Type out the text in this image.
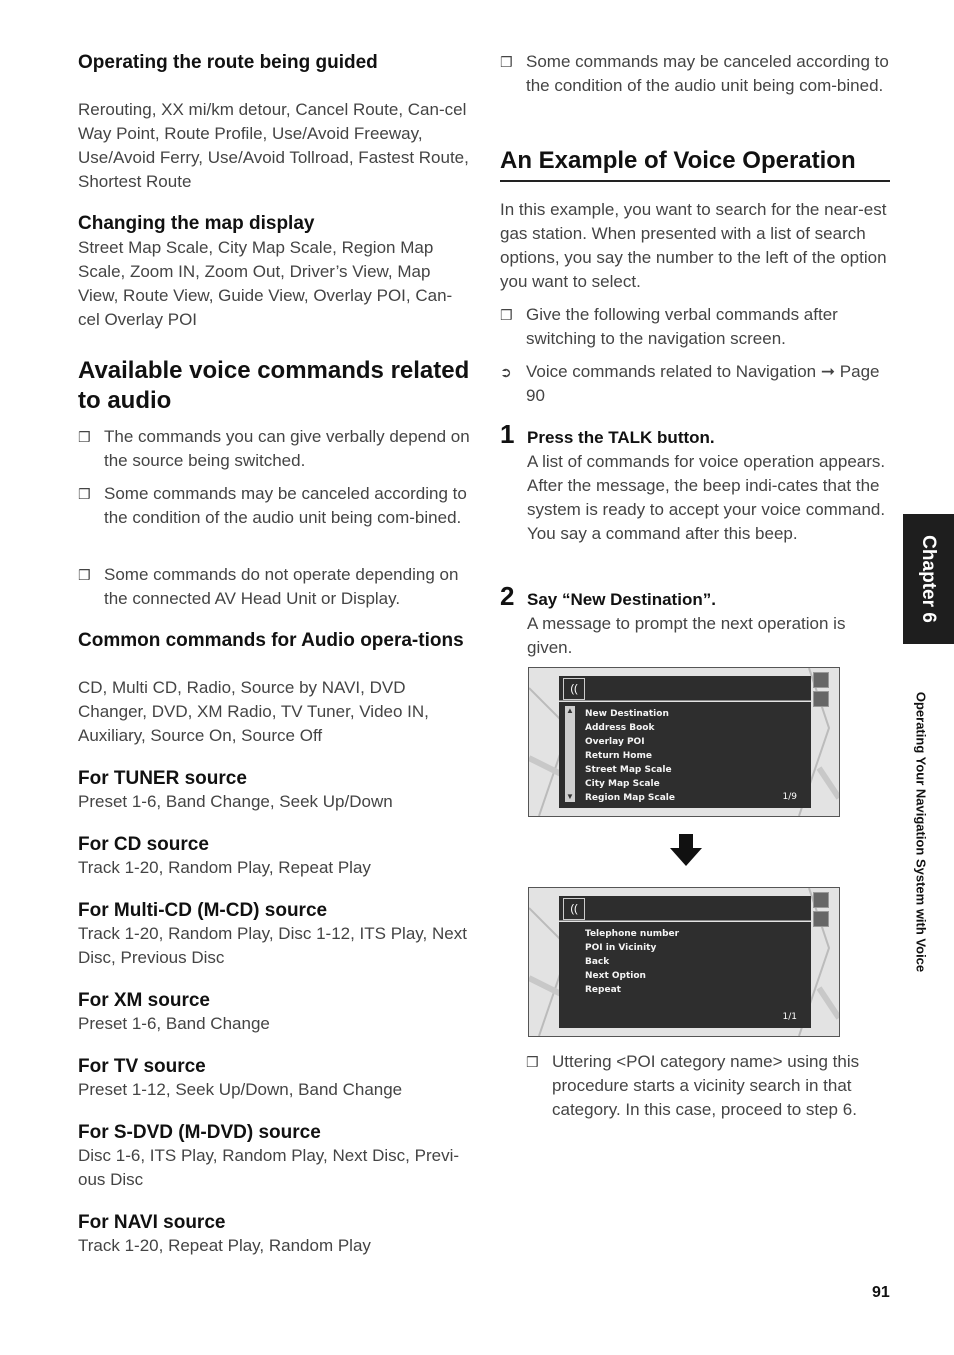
Operating the route being guided

Rerouting, XX mi/km detour, Cancel Route, Can-cel Way Point, Route Profile, Use/Avoid Freeway, Use/Avoid Ferry, Use/Avoid Tollroad, Fastest Route, Shortest Route

Changing the map display

Street Map Scale, City Map Scale, Region Map Scale, Zoom IN, Zoom Out, Driver’s View, Map View, Route View, Guide View, Overlay POI, Can-cel Overlay POI

Available voice commands related to audio
❒ The commands you can give verbally depend on the source being switched.
❒ Some commands may be canceled according to the condition of the audio unit being com-bined.
❒ Some commands do not operate depending on the connected AV Head Unit or Display.
Common commands for Audio opera-tions

CD, Multi CD, Radio, Source by NAVI, DVD Changer, DVD, XM Radio, TV Tuner, Video IN, Auxiliary, Source On, Source Off

For TUNER source

Preset 1-6, Band Change, Seek Up/Down

For CD source

Track 1-20, Random Play, Repeat Play

For Multi-CD (M-CD) source

Track 1-20, Random Play, Disc 1-12, ITS Play, Next Disc, Previous Disc

For XM source

Preset 1-6, Band Change

For TV source

Preset 1-12, Seek Up/Down, Band Change

For S-DVD (M-DVD) source

Disc 1-6, ITS Play, Random Play, Next Disc, Previ-ous Disc

For NAVI source

Track 1-20, Repeat Play, Random Play

❒ Some commands may be canceled according to the condition of the audio unit being com-bined.
An Example of Voice Operation

In this example, you want to search for the near-est gas station. When presented with a list of search options, you say the number to the left of the option you want to select.

❒ Give the following verbal commands after switching to the navigation screen.
➲ Voice commands related to Navigation ➞ Page 90
1 Press the TALK button.

A list of commands for voice operation appears. After the message, the beep indi-cates that the system is ready to accept your voice command. You say a command after this beep.

2 Say “New Destination”.

A message to prompt the next operation is given.

((
▲
▼
New Destination
Address Book
Overlay POI
Return Home
Street Map Scale
City Map Scale
Region Map Scale	1/9
((
Telephone number
POI in Vicinity
Back
Next Option
Repeat
1/1
❒ Uttering <POI category name> using this procedure starts a vicinity search in that category. In this case, proceed to step 6.
Chapter 6
Operating Your Navigation System with Voice
91
